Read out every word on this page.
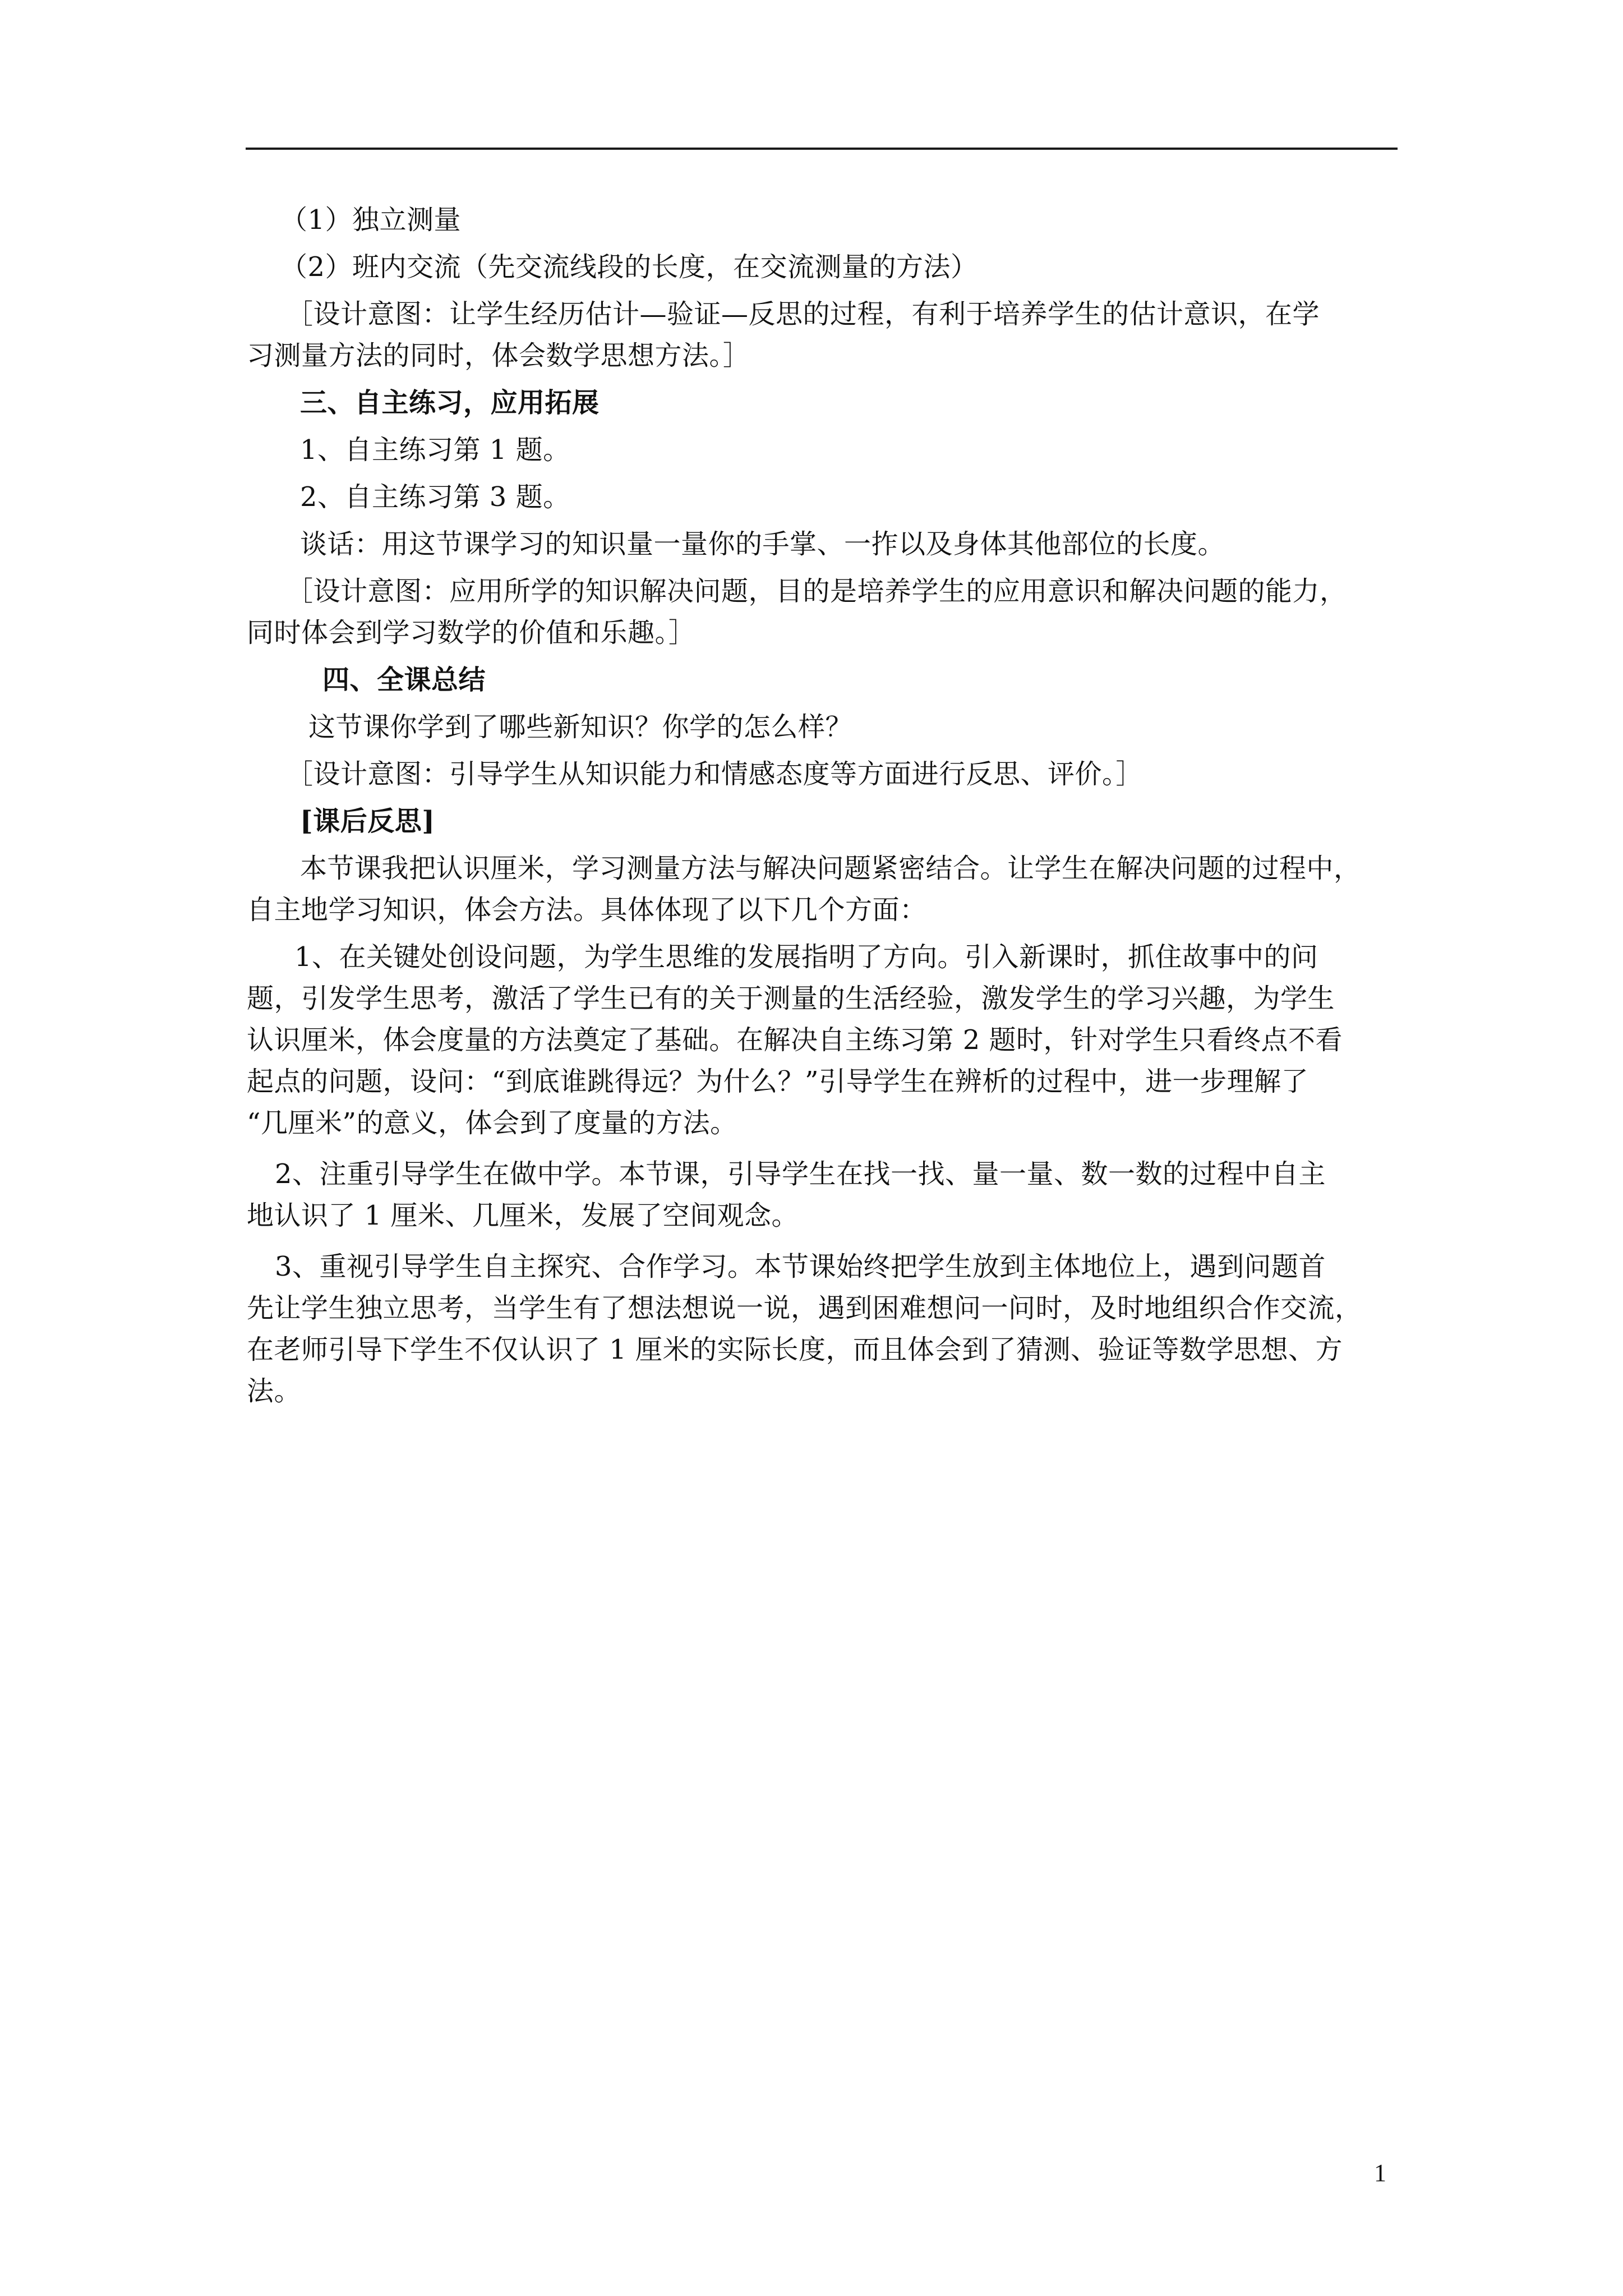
（1）独立测量
（2）班内交流（先交流线段的长度，在交流测量的方法）
［设计意图：让学生经历估计—验证—反思的过程，有利于培养学生的估计意识，在学
习测量方法的同时，体会数学思想方法。］
三、自主练习，应用拓展
1、自主练习第 1 题。
2、自主练习第 3 题。
谈话：用这节课学习的知识量一量你的手掌、一拃以及身体其他部位的长度。
［设计意图：应用所学的知识解决问题，目的是培养学生的应用意识和解决问题的能力，
同时体会到学习数学的价值和乐趣。］
四、全课总结
这节课你学到了哪些新知识？你学的怎么样？
［设计意图：引导学生从知识能力和情感态度等方面进行反思、评价。］
[课后反思]
本节课我把认识厘米，学习测量方法与解决问题紧密结合。让学生在解决问题的过程中，
自主地学习知识，体会方法。具体体现了以下几个方面：
1、在关键处创设问题，为学生思维的发展指明了方向。引入新课时，抓住故事中的问
题，引发学生思考，激活了学生已有的关于测量的生活经验，激发学生的学习兴趣，为学生
认识厘米，体会度量的方法奠定了基础。在解决自主练习第 2 题时，针对学生只看终点不看
起点的问题，设问：“到底谁跳得远？为什么？”引导学生在辨析的过程中，进一步理解了
“几厘米”的意义，体会到了度量的方法。
2、注重引导学生在做中学。本节课，引导学生在找一找、量一量、数一数的过程中自主
地认识了 1 厘米、几厘米，发展了空间观念。
3、重视引导学生自主探究、合作学习。本节课始终把学生放到主体地位上，遇到问题首
先让学生独立思考，当学生有了想法想说一说，遇到困难想问一问时，及时地组织合作交流，
在老师引导下学生不仅认识了 1 厘米的实际长度，而且体会到了猜测、验证等数学思想、方
法。
1
